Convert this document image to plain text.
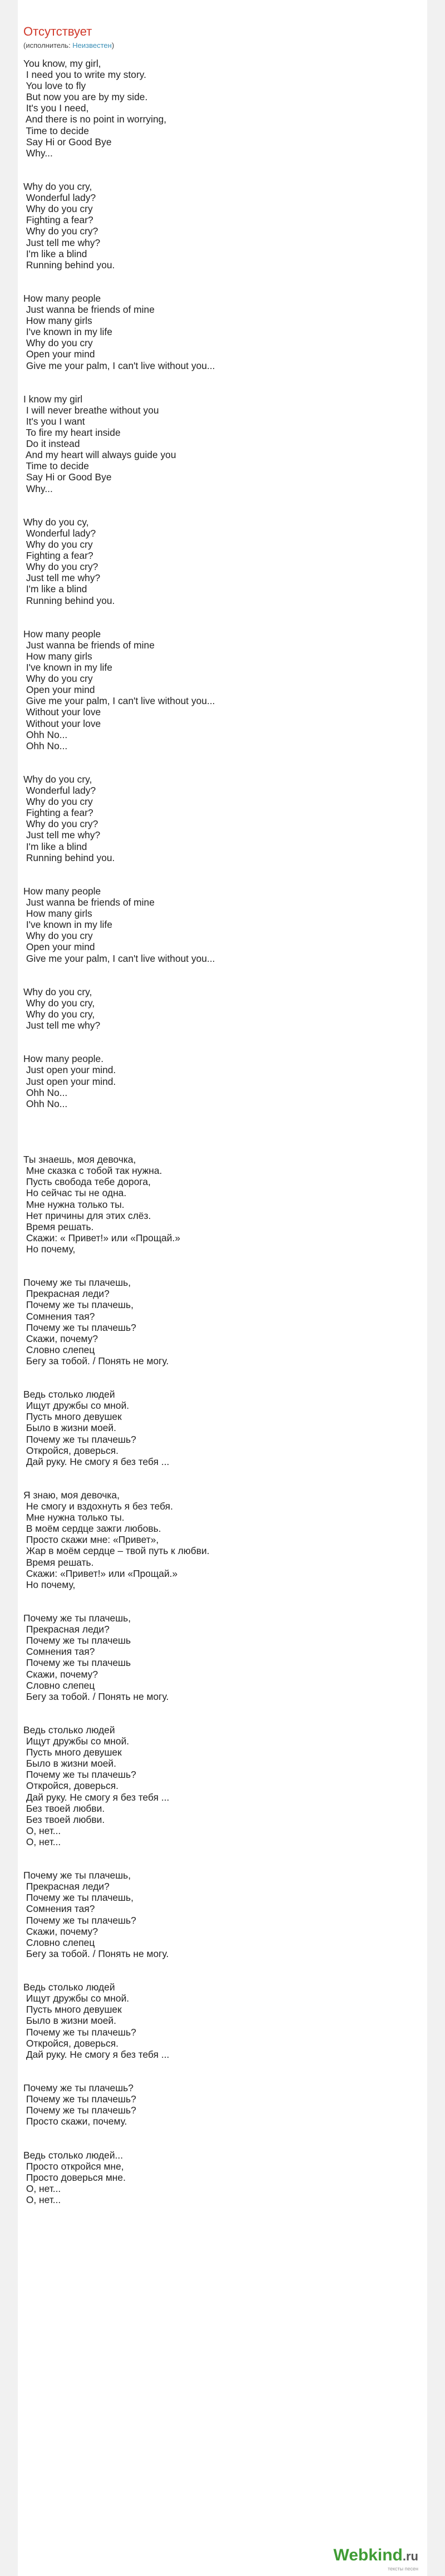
Отсутствует
(исполнитель: Неизвестен)
You know, my girl,
I need you to write my story.
You love to fly
But now you are by my side.
It's you I need,
And there is no point in worrying,
Time to decide
Say Hi or Good Bye
Why...
Why do you cry,
Wonderful lady?
Why do you cry
Fighting a fear?
Why do you cry?
Just tell me why?
I'm like a blind
Running behind you.
How many people
Just wanna be friends of mine
How many girls
I've known in my life
Why do you cry
Open your mind
Give me your palm, I can't live without you...
I know my girl
I will never breathe without you
It's you I want
To fire my heart inside
Do it instead
And my heart will always guide you
Time to decide
Say Hi or Good Bye
Why...
Why do you cy,
Wonderful lady?
Why do you cry
Fighting a fear?
Why do you cry?
Just tell me why?
I'm like a blind
Running behind you.
How many people
Just wanna be friends of mine
How many girls
I've known in my life
Why do you cry
Open your mind
Give me your palm, I can't live without you...
Without your love
Without your love
Ohh No...
Ohh No...
Why do you cry,
Wonderful lady?
Why do you cry
Fighting a fear?
Why do you cry?
Just tell me why?
I'm like a blind
Running behind you.
How many people
Just wanna be friends of mine
How many girls
I've known in my life
Why do you cry
Open your mind
Give me your palm, I can't live without you...
Why do you cry,
Why do you cry,
Why do you cry,
Just tell me why?
How many people.
Just open your mind.
Just open your mind.
Ohh No...
Ohh No...
Ты знаешь, моя девочка,
Мне сказка с тобой так нужна.
Пусть свобода тебе дорога,
Но сейчас ты не одна.
Мне нужна только ты.
Нет причины для этих слёз.
Время решать.
Скажи: « Привет!» или «Прощай.»
Но почему,
Почему же ты плачешь,
Прекрасная леди?
Почему же ты плачешь,
Сомнения тая?
Почему же ты плачешь?
Скажи, почему?
Словно слепец
Бегу за тобой. / Понять не могу.
Ведь столько людей
Ищут дружбы со мной.
Пусть много девушек
Было в жизни моей.
Почему же ты плачешь?
Откройся, доверься.
Дай руку. Не смогу я без тебя ...
Я знаю, моя девочка,
Не смогу и вздохнуть я без тебя.
Мне нужна только ты.
В моём сердце зажги любовь.
Просто скажи мне: «Привет»,
Жар в моём сердце – твой путь к любви.
Время решать.
Скажи: «Привет!» или «Прощай.»
Но почему,
Почему же ты плачешь,
Прекрасная леди?
Почему же ты плачешь
Сомнения тая?
Почему же ты плачешь
Скажи, почему?
Словно слепец
Бегу за тобой. / Понять не могу.
Ведь столько людей
Ищут дружбы со мной.
Пусть много девушек
Было в жизни моей.
Почему же ты плачешь?
Откройся, доверься.
Дай руку. Не смогу я без тебя ...
Без твоей любви.
Без твоей любви.
О, нет...
О, нет...
Почему же ты плачешь,
Прекрасная леди?
Почему же ты плачешь,
Сомнения тая?
Почему же ты плачешь?
Скажи, почему?
Словно слепец
Бегу за тобой. / Понять не могу.
Ведь столько людей
Ищут дружбы со мной.
Пусть много девушек
Было в жизни моей.
Почему же ты плачешь?
Откройся, доверься.
Дай руку. Не смогу я без тебя ...
Почему же ты плачешь?
Почему же ты плачешь?
Почему же ты плачешь?
Просто скажи, почему.
Ведь столько людей...
Просто откройся мне,
Просто доверься мне.
О, нет...
О, нет...
Webkind.ru
тексты песен
